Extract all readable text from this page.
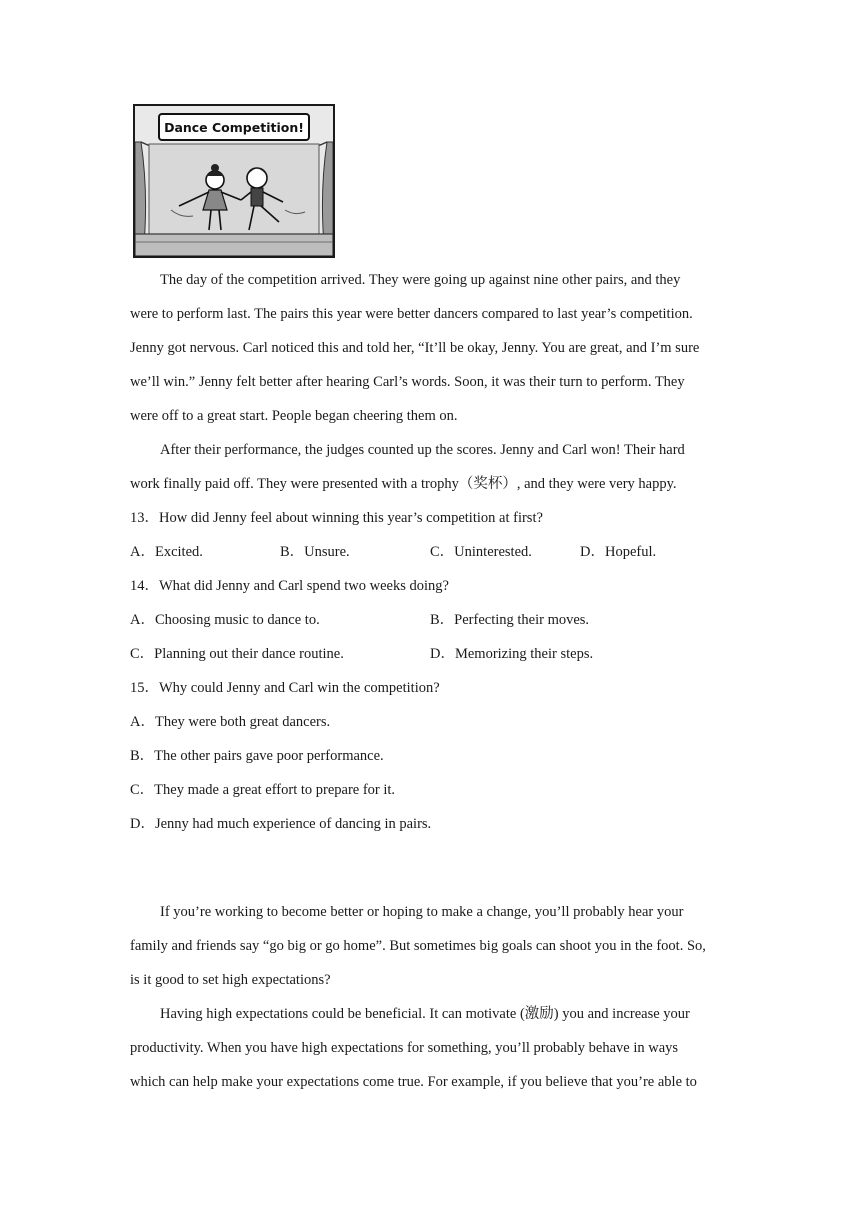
Dance Competition!
The day of the competition arrived. They were going up against nine other pairs, and they
were to perform last. The pairs this year were better dancers compared to last year’s competition.
Jenny got nervous. Carl noticed this and told her, “It’ll be okay, Jenny. You are great, and I’m sure
we’ll win.” Jenny felt better after hearing Carl’s words. Soon, it was their turn to perform. They
were off to a great start. People began cheering them on.
After their performance, the judges counted up the scores. Jenny and Carl won! Their hard
work finally paid off. They were presented with a trophy（奖杯）, and they were very happy.
13．How did Jenny feel about winning this year’s competition at first?
A．Excited.	B．Unsure.	C．Uninterested.	D．Hopeful.
14．What did Jenny and Carl spend two weeks doing?
A．Choosing music to dance to.	B．Perfecting their moves.
C．Planning out their dance routine.	D．Memorizing their steps.
15．Why could Jenny and Carl win the competition?
A．They were both great dancers.
B．The other pairs gave poor performance.
C．They made a great effort to prepare for it.
D．Jenny had much experience of dancing in pairs.
If you’re working to become better or hoping to make a change, you’ll probably hear your
family and friends say “go big or go home”. But sometimes big goals can shoot you in the foot. So,
is it good to set high expectations?
Having high expectations could be beneficial. It can motivate (激励) you and increase your
productivity. When you have high expectations for something, you’ll probably behave in ways
which can help make your expectations come true. For example, if you believe that you’re able to
